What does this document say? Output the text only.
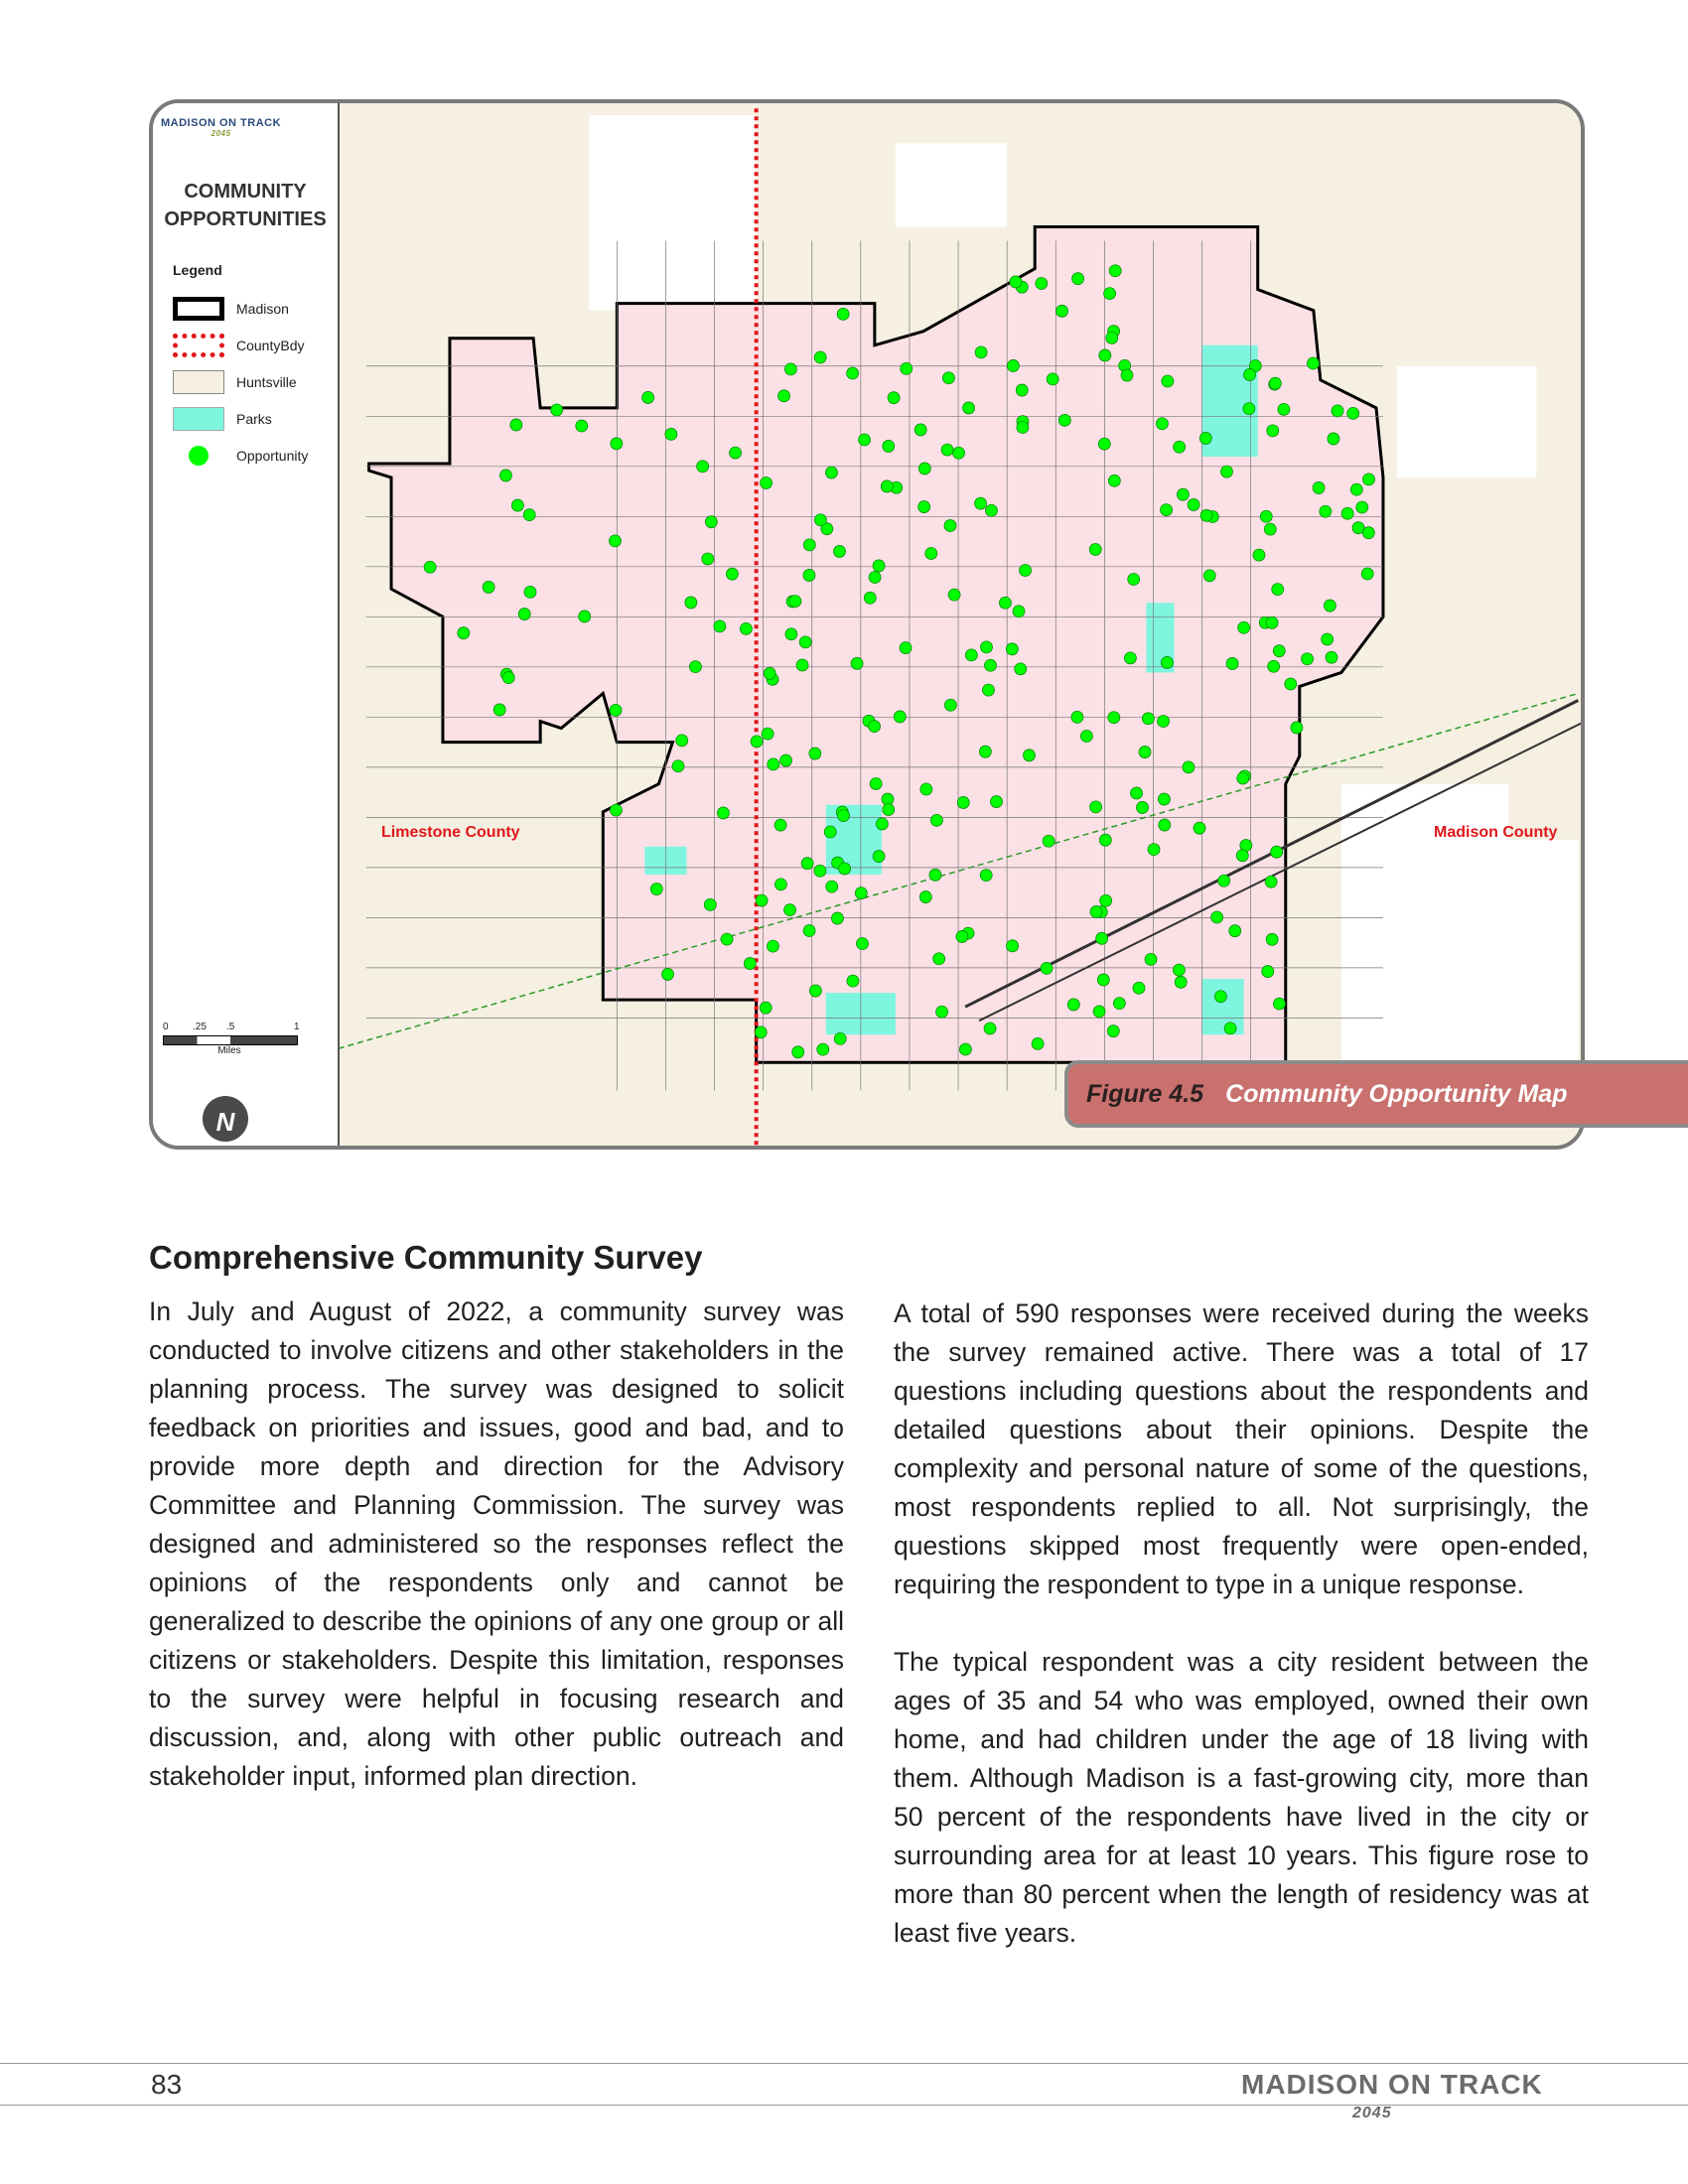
MADISON ON TRACK
2045
COMMUNITY
OPPORTUNITIES
Legend
Madison
CountyBdy
Huntsville
Parks
Opportunity
0 .25 .5	1
Miles
N
Limestone County	Madison County
Figure 4.5 Community Opportunity Map
Comprehensive Community Survey

In July and August of 2022, a community survey was conducted to involve citizens and other stakeholders in the planning process. The survey was designed to solicit feedback on priorities and issues, good and bad, and to provide more depth and direction for the Advisory Committee and Planning Commission. The survey was designed and administered so the responses reflect the opinions of the respondents only and cannot be generalized to describe the opinions of any one group or all citizens or stakeholders. Despite this limitation, responses to the survey were helpful in focusing research and discussion, and, along with other public outreach and stakeholder input, informed plan direction.

A total of 590 responses were received during the weeks the survey remained active. There was a total of 17 questions including questions about the respondents and detailed questions about their opinions. Despite the complexity and personal nature of some of the questions, most respondents replied to all. Not surprisingly, the questions skipped most frequently were open-ended, requiring the respondent to type in a unique response.

The typical respondent was a city resident between the ages of 35 and 54 who was employed, owned their own home, and had children under the age of 18 living with them. Although Madison is a fast-growing city, more than 50 percent of the respondents have lived in the city or surrounding area for at least 10 years. This figure rose to more than 80 percent when the length of residency was at least five years.

83	MADISON ON TRACK
2045
